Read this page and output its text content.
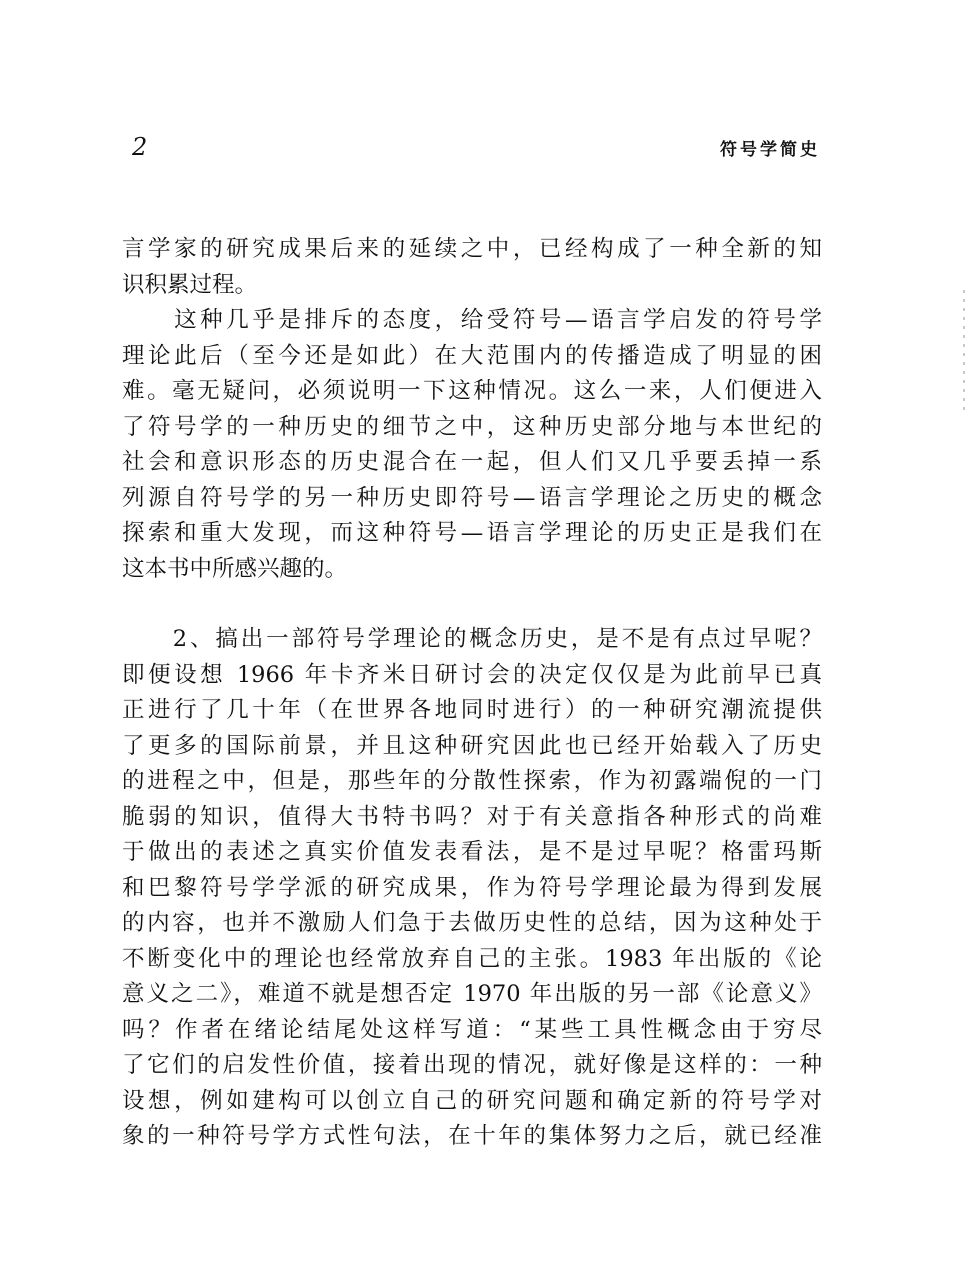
2	符号学简史
言学家的研究成果后来的延续之中，已经构成了一种全新的知
识积累过程。
　　这种几乎是排斥的态度，给受符号—语言学启发的符号学
理论此后（至今还是如此）在大范围内的传播造成了明显的困
难。毫无疑问，必须说明一下这种情况。这么一来，人们便进入
了符号学的一种历史的细节之中，这种历史部分地与本世纪的
社会和意识形态的历史混合在一起，但人们又几乎要丢掉一系
列源自符号学的另一种历史即符号—语言学理论之历史的概念
探索和重大发现，而这种符号—语言学理论的历史正是我们在
这本书中所感兴趣的。
　　2、搞出一部符号学理论的概念历史，是不是有点过早呢？
即便设想 1966 年卡齐米日研讨会的决定仅仅是为此前早已真
正进行了几十年（在世界各地同时进行）的一种研究潮流提供
了更多的国际前景，并且这种研究因此也已经开始载入了历史
的进程之中，但是，那些年的分散性探索，作为初露端倪的一门
脆弱的知识，值得大书特书吗？对于有关意指各种形式的尚难
于做出的表述之真实价值发表看法，是不是过早呢？格雷玛斯
和巴黎符号学学派的研究成果，作为符号学理论最为得到发展
的内容，也并不激励人们急于去做历史性的总结，因为这种处于
不断变化中的理论也经常放弃自己的主张。1983 年出版的《论
意义之二》，难道不就是想否定 1970 年出版的另一部《论意义》
吗？作者在绪论结尾处这样写道：“某些工具性概念由于穷尽
了它们的启发性价值，接着出现的情况，就好像是这样的：一种
设想，例如建构可以创立自己的研究问题和确定新的符号学对
象的一种符号学方式性句法，在十年的集体努力之后，就已经准
